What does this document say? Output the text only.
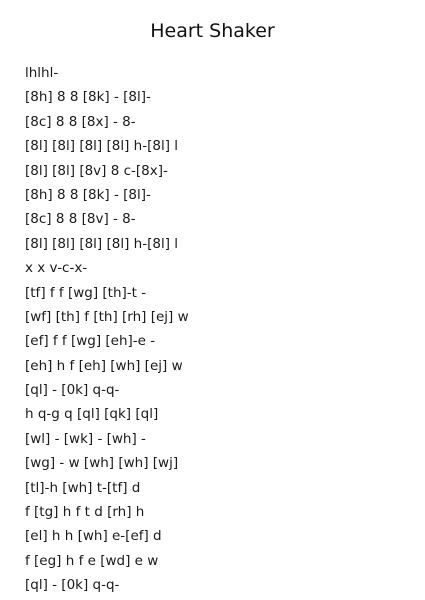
Heart Shaker
lhlhl-
[8h] 8 8 [8k] - [8l]-
[8c] 8 8 [8x] - 8-
[8l] [8l] [8l] [8l] h-[8l] l
[8l] [8l] [8v] 8 c-[8x]-
[8h] 8 8 [8k] - [8l]-
[8c] 8 8 [8v] - 8-
[8l] [8l] [8l] [8l] h-[8l] l
x x v-c-x-
[tf] f f [wg] [th]-t -
[wf] [th] f [th] [rh] [ej] w
[ef] f f [wg] [eh]-e -
[eh] h f [eh] [wh] [ej] w
[ql] - [0k] q-q-
h q-g q [ql] [qk] [ql]
[wl] - [wk] - [wh] -
[wg] - w [wh] [wh] [wj]
[tl]-h [wh] t-[tf] d
f [tg] h f t d [rh] h
[el] h h [wh] e-[ef] d
f [eg] h f e [wd] e w
[ql] - [0k] q-q-
